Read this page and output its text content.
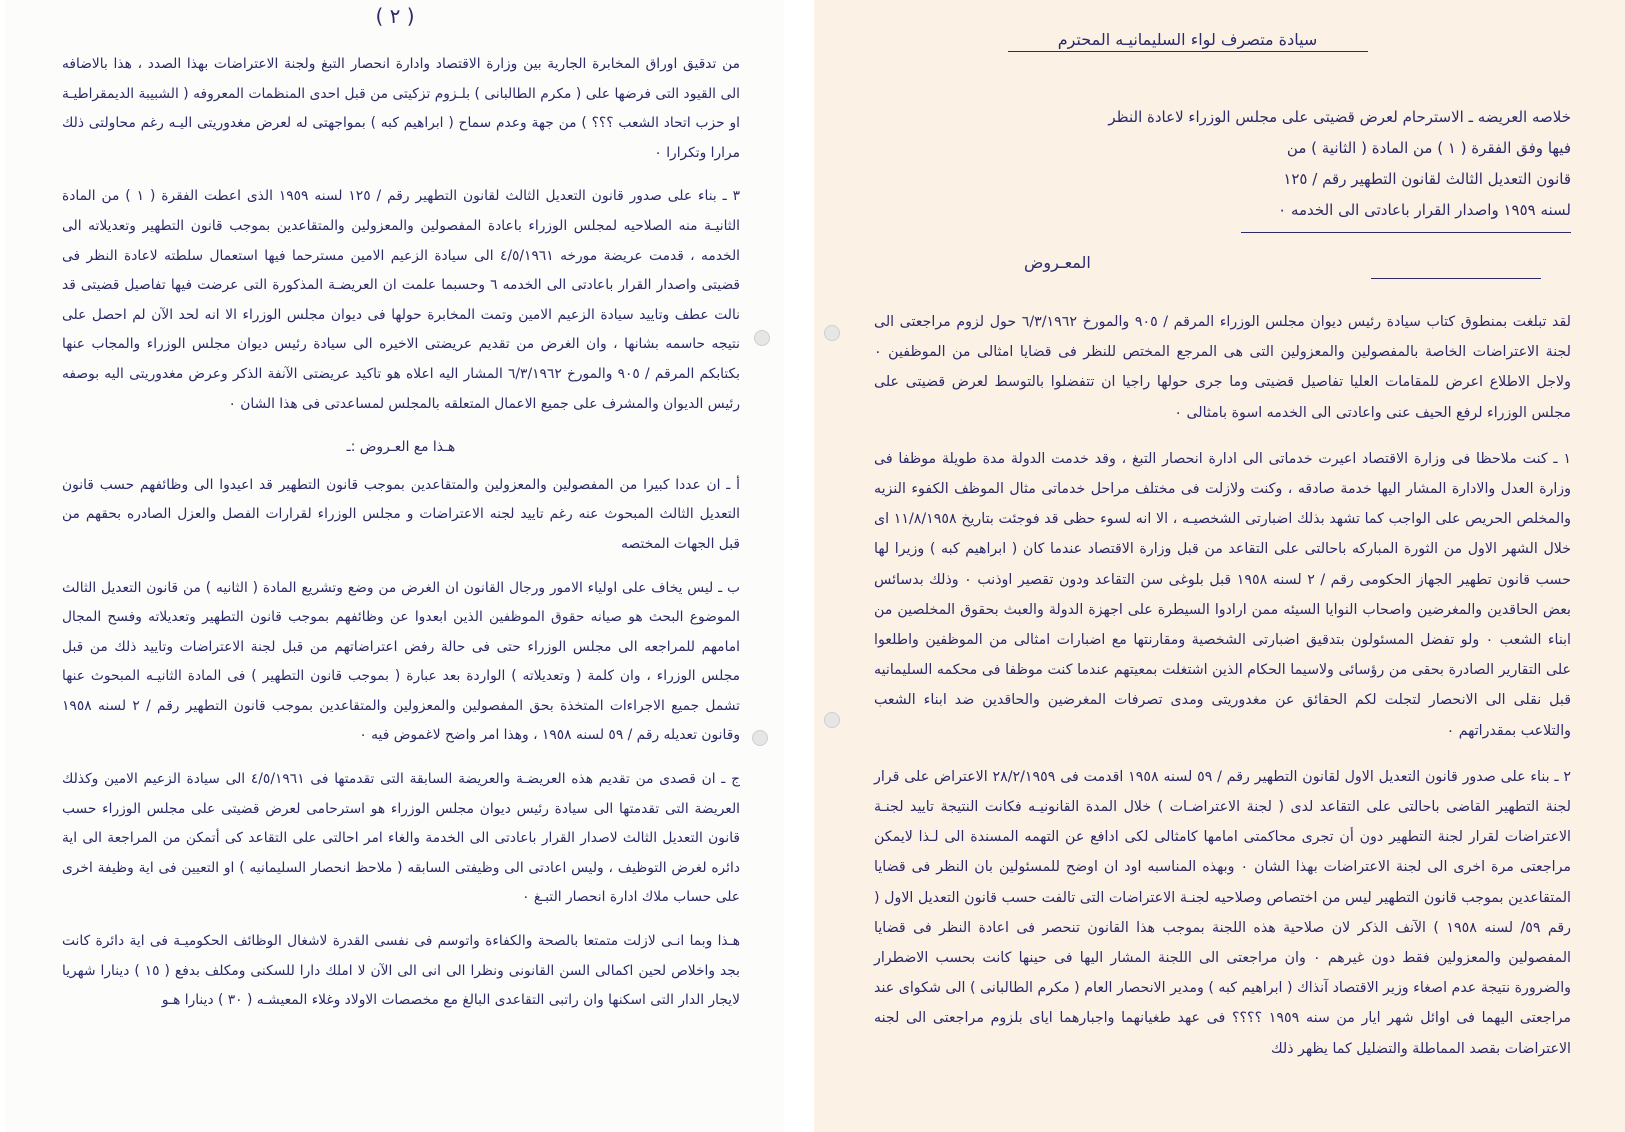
( ٢ )

من تدقيق اوراق المخابرة الجارية بين وزارة الاقتصاد وادارة انحصار التبغ ولجنة الاعتراضات بهذا الصدد ، هذا بالاضافه الى القيود التى فرضها على ( مكرم الطالبانى ) بلـزوم تزكيتى من قبل احدى المنظمات المعروفه ( الشبيبة الديمقراطيـة او حزب اتحاد الشعب ؟؟؟ ) من جهة وعدم سماح ( ابراهيم كبه ) بمواجهتى له لعرض مغدوريتى اليـه رغم محاولتى ذلك مرارا وتكرارا ٠

٣ ـ بناء على صدور قانون التعديل الثالث لقانون التطهير رقم / ١٢٥ لسنه ١٩٥٩ الذى اعطت الفقرة ( ١ ) من المادة الثانيـة منه الصلاحيه لمجلس الوزراء باعادة المفصولين والمعزولين والمتقاعدين بموجب قانون التطهير وتعديلاته الى الخدمه ، قدمت عريضة مورخه ٤/٥/١٩٦١ الى سيادة الزعيم الامين مسترحما فيها استعمال سلطته لاعادة النظر فى قضيتى واصدار القرار باعادتى الى الخدمه ٦ وحسبما علمت ان العريضـة المذكورة التى عرضت فيها تفاصيل قضيتى قد نالت عطف وتاييد سيادة الزعيم الامين وتمت المخابرة حولها فى ديوان مجلس الوزراء الا انه لحد الآن لم احصل على نتيجه حاسمه بشانها ، وان الغرض من تقديم عريضتى الاخيره الى سيادة رئيس ديوان مجلس الوزراء والمجاب عنها بكتابكم المرقم / ٩٠٥ والمورخ ٦/٣/١٩٦٢ المشار اليه اعلاه هو تاكيد عريضتى الآنفة الذكر وعرض مغدوريتى اليه بوصفه رئيس الديوان والمشرف على جميع الاعمال المتعلقه بالمجلس لمساعدتى فى هذا الشان ٠

هـذا مع العـروض :ـ

أ ـ ان عددا كبيرا من المفصولين والمعزولين والمتقاعدين بموجب قانون التطهير قد اعيدوا الى وظائفهم حسب قانون التعديل الثالث المبحوث عنه رغم تاييد لجنه الاعتراضات و مجلس الوزراء لقرارات الفصل والعزل الصادره بحقهم من قبل الجهات المختصه

ب ـ ليس يخاف على اولياء الامور ورجال القانون ان الغرض من وضع وتشريع المادة ( الثانيه ) من قانون التعديل الثالث الموضوع البحث هو صيانه حقوق الموظفين الذين ابعدوا عن وظائفهم بموجب قانون التطهير وتعديلاته وفسح المجال امامهم للمراجعه الى مجلس الوزراء حتى فى حالة رفض اعتراضاتهم من قبل لجنة الاعتراضات وتاييد ذلك من قبل مجلس الوزراء ، وان كلمة ( وتعديلاته ) الواردة بعد عبارة ( بموجب قانون التطهير ) فى المادة الثانيـه المبحوث عنها تشمل جميع الاجراءات المتخذة بحق المفصولين والمعزولين والمتقاعدين بموجب قانون التطهير رقم / ٢ لسنه ١٩٥٨ وقانون تعديله رقم / ٥٩ لسنه ١٩٥٨ ، وهذا امر واضح لاغموض فيه ٠

ج ـ ان قصدى من تقديم هذه العريضـة والعريضة السابقة التى تقدمتها فى ٤/٥/١٩٦١ الى سيادة الزعيم الامين وكذلك العريضة التى تقدمتها الى سيادة رئيس ديوان مجلس الوزراء هو استرحامى لعرض قضيتى على مجلس الوزراء حسب قانون التعديل الثالث لاصدار القرار باعادتى الى الخدمة والغاء امر احالتى على التقاعد كى أتمكن من المراجعة الى اية دائره لغرض التوظيف ، وليس اعادتى الى وظيفتى السابقه ( ملاحظ انحصار السليمانيه ) او التعيين فى اية وظيفة اخرى على حساب ملاك ادارة انحصار التبـغ ٠

هـذا وبما انـى لازلت متمتعا بالصحة والكفاءة واتوسم فى نفسى القدرة لاشغال الوظائف الحكوميـة فى اية دائرة كانت بجد واخلاص لحين اكمالى السن القانونى ونظرا الى انى الى الآن لا املك دارا للسكنى ومكلف بدفع ( ١٥ ) دينارا شهريا لايجار الدار التى اسكنها وان راتبى التقاعدى البالغ مع مخصصات الاولاد وغلاء المعيشـه ( ٣٠ ) دينارا هـو

سيادة متصرف لواء السليمانيـه المحترم

خلاصه العريضه ـ الاسترحام لعرض قضيتى على مجلس الوزراء لاعادة النظر

فيها وفق الفقرة ( ١ ) من المادة ( الثانية ) من

قانون التعديل الثالث لقانون التطهير رقم / ١٢٥

لسنه ١٩٥٩ واصدار القرار باعادتى الى الخدمه ٠

المعـروض

لقد تبلغت بمنطوق كتاب سيادة رئيس ديوان مجلس الوزراء المرقم / ٩٠٥ والمورخ ٦/٣/١٩٦٢ حول لزوم مراجعتى الى لجنة الاعتراضات الخاصة بالمفصولين والمعزولين التى هى المرجع المختص للنظر فى قضايا امثالى من الموظفين ٠ ولاجل الاطلاع اعرض للمقامات العليا تفاصيل قضيتى وما جرى حولها راجيا ان تتفضلوا بالتوسط لعرض قضيتى على مجلس الوزراء لرفع الحيف عنى واعادتى الى الخدمه اسوة بامثالى ٠

١ ـ كنت ملاحظا فى وزارة الاقتصاد اعيرت خدماتى الى ادارة انحصار التبغ ، وقد خدمت الدولة مدة طويلة موظفا فى وزارة العدل والادارة المشار اليها خدمة صادقه ، وكنت ولازلت فى مختلف مراحل خدماتى مثال الموظف الكفوء النزيه والمخلص الحريص على الواجب كما تشهد بذلك اضبارتى الشخصيـه ، الا انه لسوء حظى قد فوجئت بتاريخ ١١/٨/١٩٥٨ اى خلال الشهر الاول من الثورة المباركه باحالتى على التقاعد من قبل وزارة الاقتصاد عندما كان ( ابراهيم كبه ) وزيرا لها حسب قانون تطهير الجهاز الحكومى رقم / ٢ لسنه ١٩٥٨ قبل بلوغى سن التقاعد ودون تقصير اوذنب ٠ وذلك بدسائس بعض الحاقدين والمغرضين واصحاب النوايا السيئه ممن ارادوا السيطرة على اجهزة الدولة والعبث بحقوق المخلصين من ابناء الشعب ٠ ولو تفضل المسئولون بتدقيق اضبارتى الشخصية ومقارنتها مع اضبارات امثالى من الموظفين واطلعوا على التقارير الصادرة بحقى من رؤسائى ولاسيما الحكام الذين اشتغلت بمعيتهم عندما كنت موظفا فى محكمه السليمانيه قبل نقلى الى الانحصار لتجلت لكم الحقائق عن مغدوريتى ومدى تصرفات المغرضين والحاقدين ضد ابناء الشعب والتلاعب بمقدراتهم ٠

٢ ـ بناء على صدور قانون التعديل الاول لقانون التطهير رقم / ٥٩ لسنه ١٩٥٨ اقدمت فى ٢٨/٢/١٩٥٩ الاعتراض على قرار لجنة التطهير القاضى باحالتى على التقاعد لدى ( لجنة الاعتراضـات ) خلال المدة القانونيـه فكانت النتيجة تاييد لجنـة الاعتراضات لقرار لجنة التطهير دون أن تجرى محاكمتى امامها كامثالى لكى ادافع عن التهمه المسندة الى لـذا لايمكن مراجعتى مرة اخرى الى لجنة الاعتراضات بهذا الشان ٠ وبهذه المناسبه اود ان اوضح للمسئولين بان النظر فى قضايا المتقاعدين بموجب قانون التطهير ليس من اختصاص وصلاحيه لجنـة الاعتراضات التى تالفت حسب قانون التعديل الاول ( رقم ٥٩/ لسنه ١٩٥٨ ) الآنف الذكر لان صلاحية هذه اللجنة بموجب هذا القانون تنحصر فى اعادة النظر فى قضايا المفصولين والمعزولين فقط دون غيرهم ٠ وان مراجعتى الى اللجنة المشار اليها فى حينها كانت بحسب الاضطرار والضرورة نتيجة عدم اصغاء وزير الاقتصاد آنذاك ( ابراهيم كبه ) ومدير الانحصار العام ( مكرم الطالبانى ) الى شكواى عند مراجعتى اليهما فى اوائل شهر ايار من سنه ١٩٥٩ ؟؟؟؟ فى عهد طغيانهما واجبارهما اياى بلزوم مراجعتى الى لجنه الاعتراضات بقصد المماطلة والتضليل كما يظهر ذلك
